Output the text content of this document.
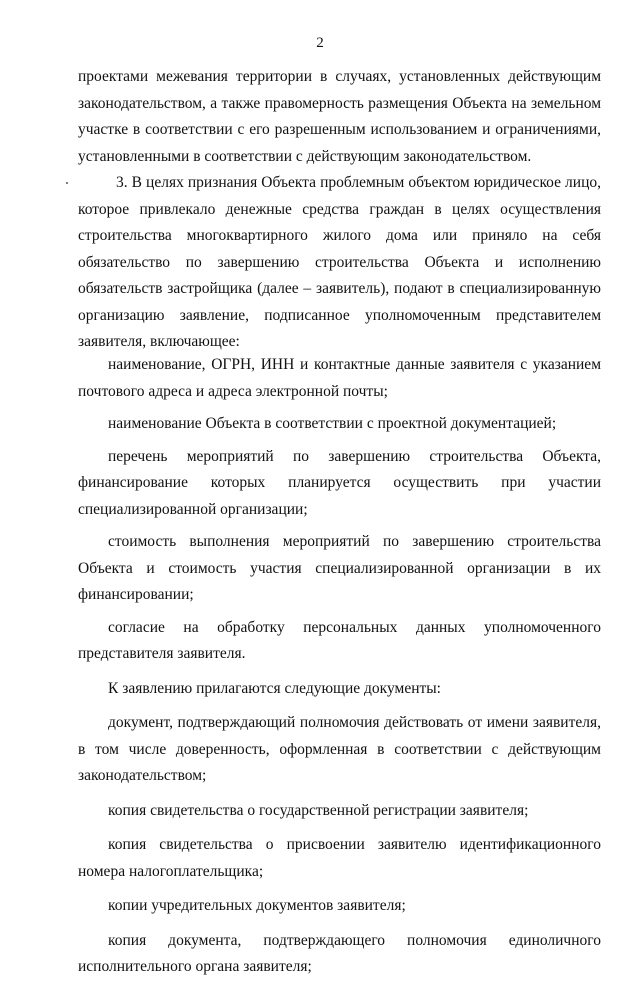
2

проектами межевания территории в случаях, установленных действующим законодательством, а также правомерность размещения Объекта на земельном участке в соответствии с его разрешенным использованием и ограничениями, установленными в соответствии с действующим законодательством.

3. В целях признания Объекта проблемным объектом юридическое лицо, которое привлекало денежные средства граждан в целях осуществления строительства многоквартирного жилого дома или приняло на себя обязательство по завершению строительства Объекта и исполнению обязательств застройщика (далее – заявитель), подают в специализированную организацию заявление, подписанное уполномоченным представителем заявителя, включающее:

наименование, ОГРН, ИНН и контактные данные заявителя с указанием почтового адреса и адреса электронной почты;

наименование Объекта в соответствии с проектной документацией;

перечень мероприятий по завершению строительства Объекта, финансирование которых планируется осуществить при участии специализированной организации;

стоимость выполнения мероприятий по завершению строительства Объекта и стоимость участия специализированной организации в их финансировании;

согласие на обработку персональных данных уполномоченного представителя заявителя.

К заявлению прилагаются следующие документы:

документ, подтверждающий полномочия действовать от имени заявителя, в том числе доверенность, оформленная в соответствии с действующим законодательством;

копия свидетельства о государственной регистрации заявителя;

копия свидетельства о присвоении заявителю идентификационного номера налогоплательщика;

копии учредительных документов заявителя;

копия документа, подтверждающего полномочия единоличного исполнительного органа заявителя;
